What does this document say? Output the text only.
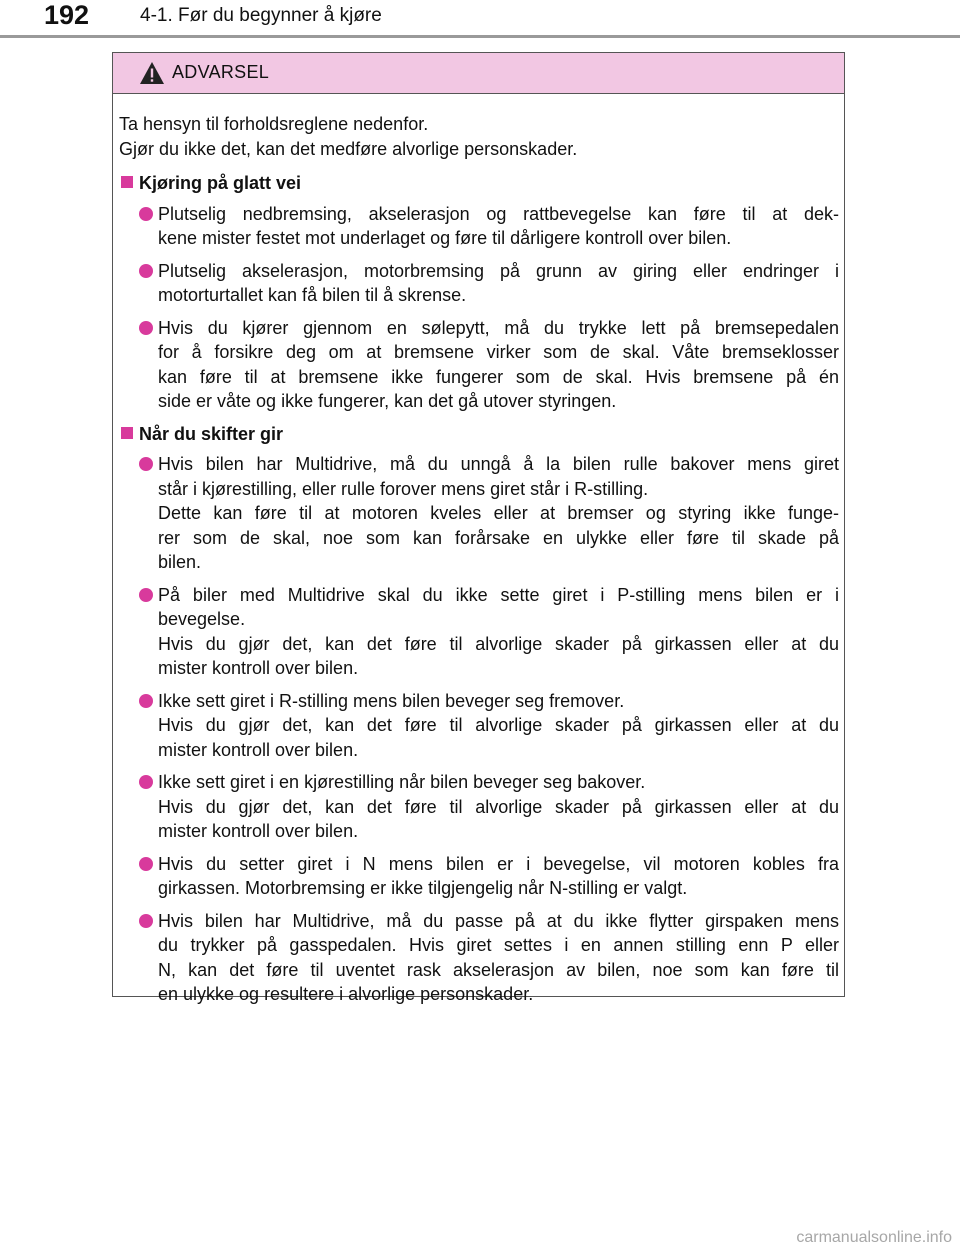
192	4-1. Før du begynner å kjøre
ADVARSEL

Ta hensyn til forholdsreglene nedenfor.
Gjør du ikke det, kan det medføre alvorlige personskader.

Kjøring på glatt vei
Plutselig nedbremsing, akselerasjon og rattbevegelse kan føre til at dek-
kene mister festet mot underlaget og føre til dårligere kontroll over bilen.
Plutselig akselerasjon, motorbremsing på grunn av giring eller endringer i
motorturtallet kan få bilen til å skrense.
Hvis du kjører gjennom en sølepytt, må du trykke lett på bremsepedalen
for å forsikre deg om at bremsene virker som de skal. Våte bremseklosser
kan føre til at bremsene ikke fungerer som de skal. Hvis bremsene på én
side er våte og ikke fungerer, kan det gå utover styringen.
Når du skifter gir
Hvis bilen har Multidrive, må du unngå å la bilen rulle bakover mens giret
står i kjørestilling, eller rulle forover mens giret står i R-stilling.
Dette kan føre til at motoren kveles eller at bremser og styring ikke funge-
rer som de skal, noe som kan forårsake en ulykke eller føre til skade på
bilen.
På biler med Multidrive skal du ikke sette giret i P-stilling mens bilen er i
bevegelse.
Hvis du gjør det, kan det føre til alvorlige skader på girkassen eller at du
mister kontroll over bilen.
Ikke sett giret i R-stilling mens bilen beveger seg fremover.
Hvis du gjør det, kan det føre til alvorlige skader på girkassen eller at du
mister kontroll over bilen.
Ikke sett giret i en kjørestilling når bilen beveger seg bakover.
Hvis du gjør det, kan det føre til alvorlige skader på girkassen eller at du
mister kontroll over bilen.
Hvis du setter giret i N mens bilen er i bevegelse, vil motoren kobles fra
girkassen. Motorbremsing er ikke tilgjengelig når N-stilling er valgt.
Hvis bilen har Multidrive, må du passe på at du ikke flytter girspaken mens
du trykker på gasspedalen. Hvis giret settes i en annen stilling enn P eller
N, kan det føre til uventet rask akselerasjon av bilen, noe som kan føre til
en ulykke og resultere i alvorlige personskader.
carmanualsonline.info
